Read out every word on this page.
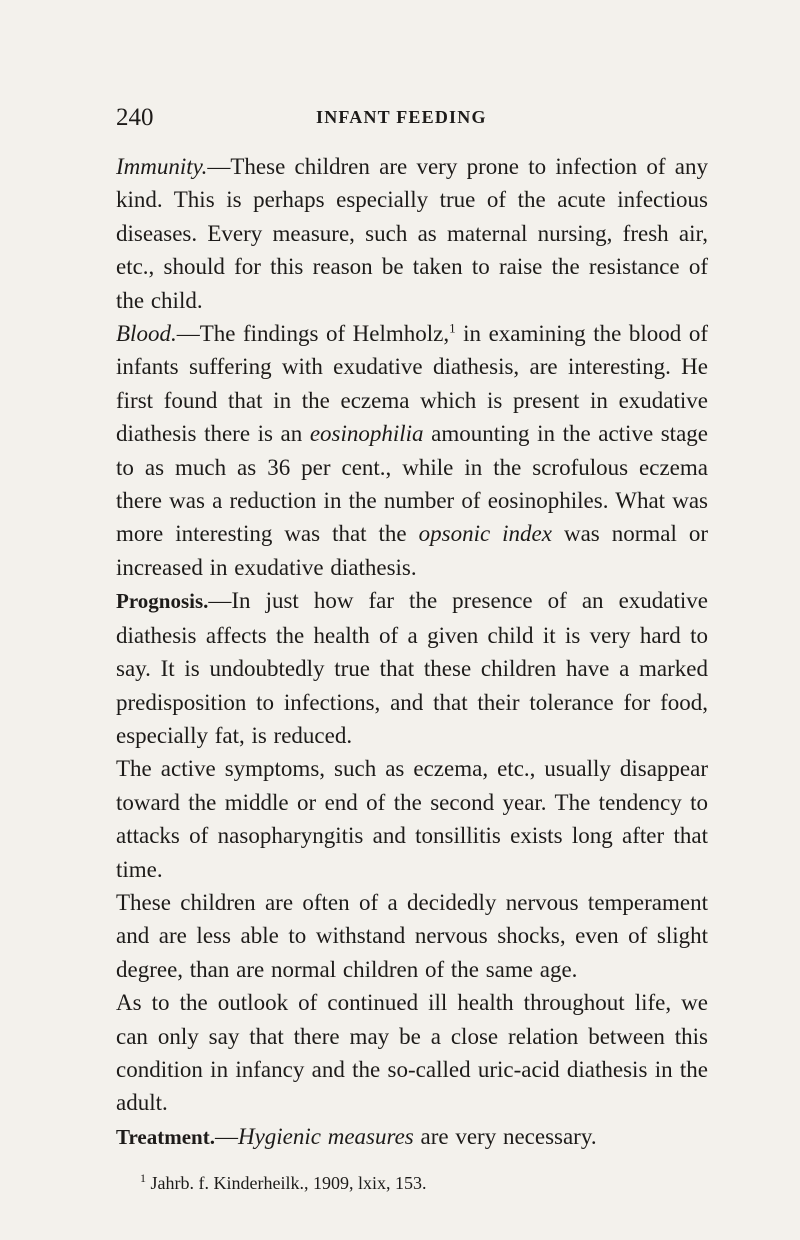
240	INFANT FEEDING

Immunity.—These children are very prone to infection of any kind. This is perhaps especially true of the acute infectious diseases. Every measure, such as maternal nursing, fresh air, etc., should for this reason be taken to raise the resistance of the child.

Blood.—The findings of Helmholz,$^1$ in examining the blood of infants suffering with exudative diathesis, are interesting. He first found that in the eczema which is present in exudative diathesis there is an eosinophilia amounting in the active stage to as much as 36 per cent., while in the scrofulous eczema there was a reduction in the number of eosinophiles. What was more interesting was that the opsonic index was normal or increased in exudative diathesis.

Prognosis.—In just how far the presence of an exudative diathesis affects the health of a given child it is very hard to say. It is undoubtedly true that these children have a marked predisposition to infections, and that their tolerance for food, especially fat, is reduced.

The active symptoms, such as eczema, etc., usually disappear toward the middle or end of the second year. The tendency to attacks of nasopharyngitis and tonsillitis exists long after that time.

These children are often of a decidedly nervous temperament and are less able to withstand nervous shocks, even of slight degree, than are normal children of the same age.

As to the outlook of continued ill health throughout life, we can only say that there may be a close relation between this condition in infancy and the so-called uric-acid diathesis in the adult.

Treatment.—Hygienic measures are very necessary.

$^1$ Jahrb. f. Kinderheilk., 1909, lxix, 153.
